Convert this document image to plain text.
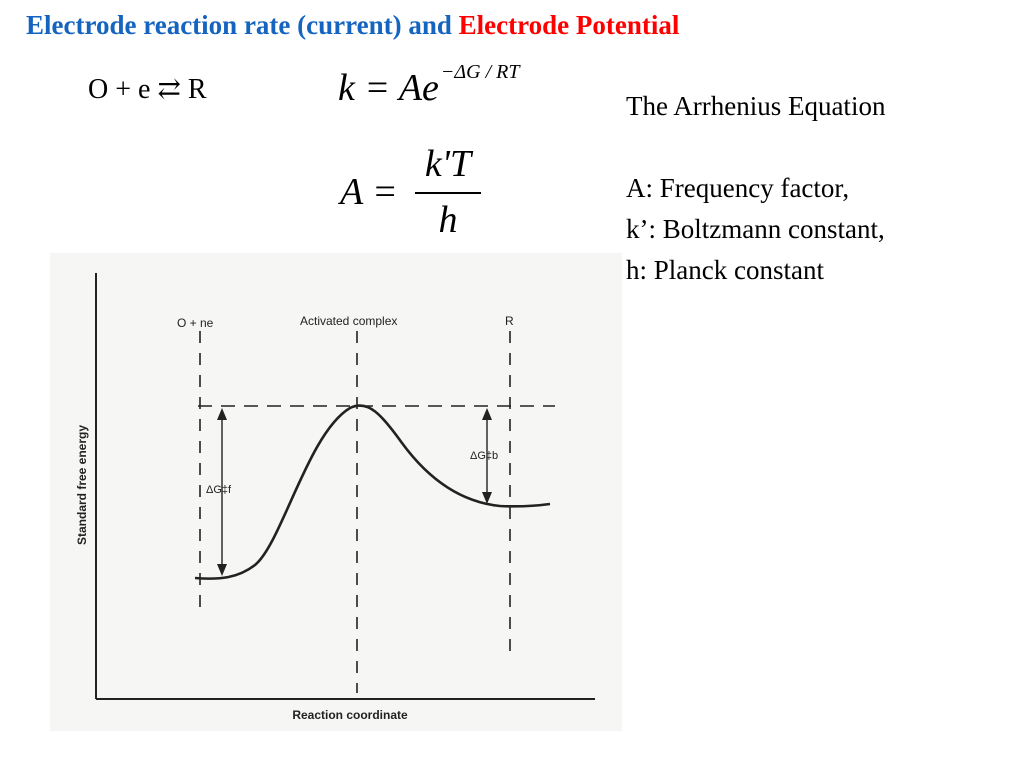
Electrode reaction rate (current) and Electrode Potential
O + e ⇄ R	k = Ae $^{-\Delta G / RT}$
A =
k'T
h
The Arrhenius Equation
A: Frequency factor,
k’: Boltzmann constant,
h: Planck constant
O + ne	Activated complex	R
ΔG‡f
ΔG‡b
Standard free energy
Reaction coordinate
